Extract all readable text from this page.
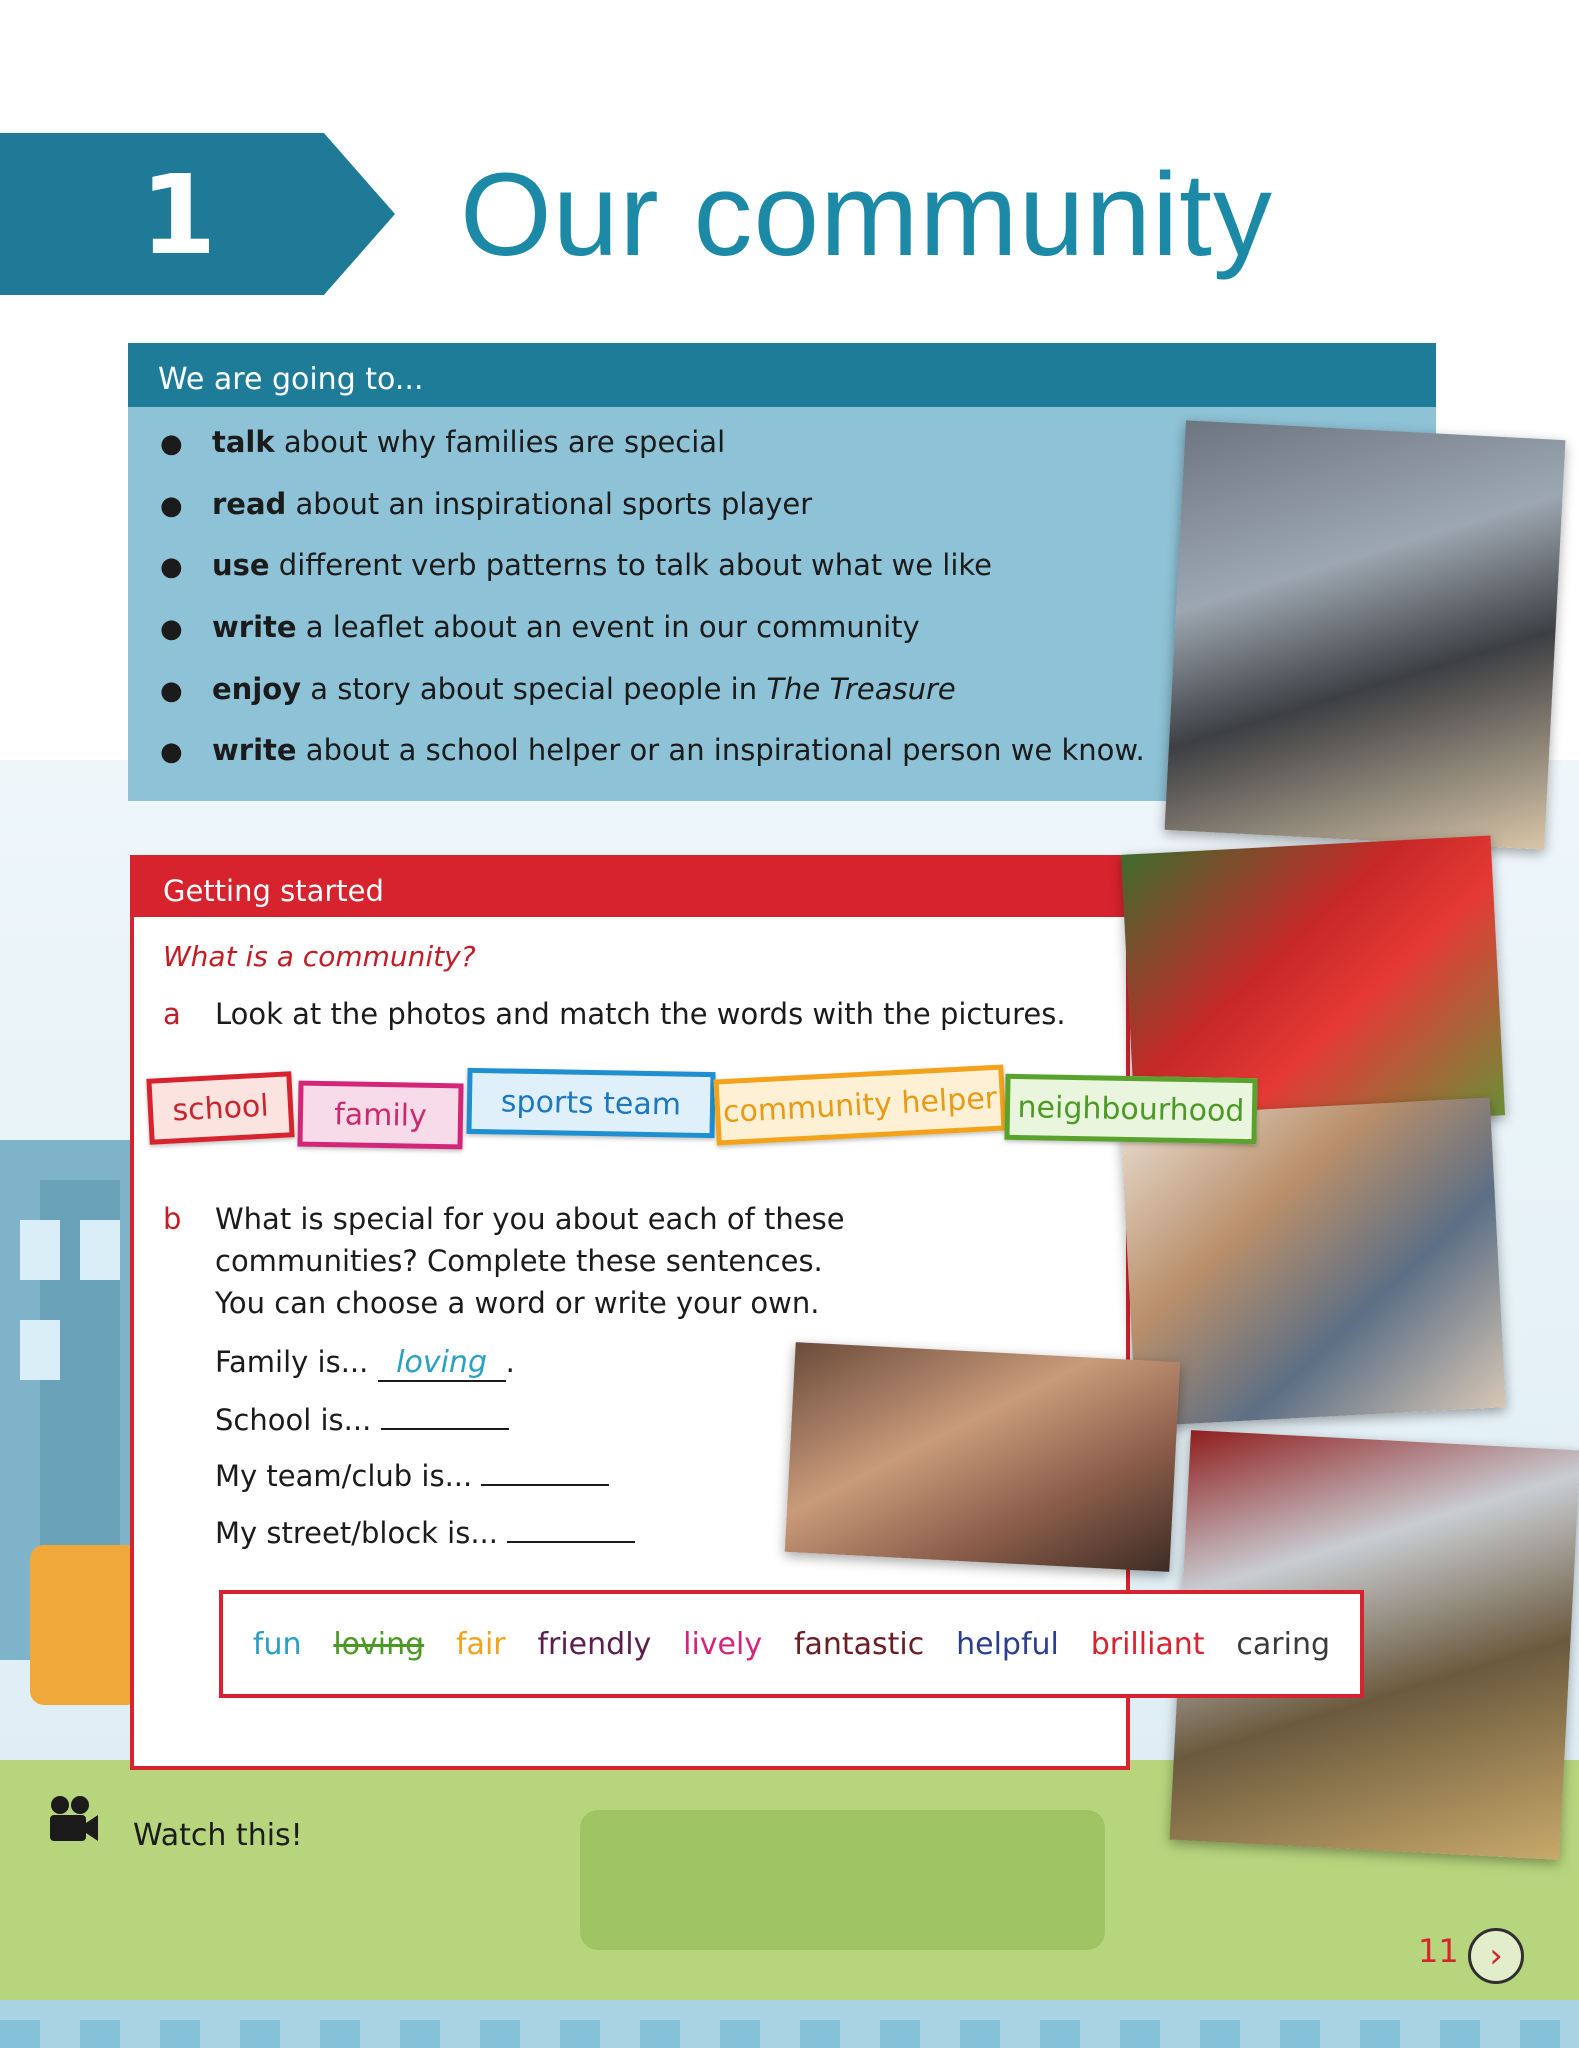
1 Our community
We are going to...
● talk about why families are special
● read about an inspirational sports player
● use different verb patterns to talk about what we like
● write a leaflet about an event in our community
● enjoy a story about special people in The Treasure
● write about a school helper or an inspirational person we know.
Getting started
What is a community?
a Look at the photos and match the words with the pictures.
school	family	sports team	community helper neighbourhood
b What is special for you about each of these
communities? Complete these sentences.
You can choose a word or write your own.
Family is... loving .
School is...
My team/club is...
My street/block is...
fun loving fair friendly lively fantastic helpful brilliant caring
Watch this!
11 ›
